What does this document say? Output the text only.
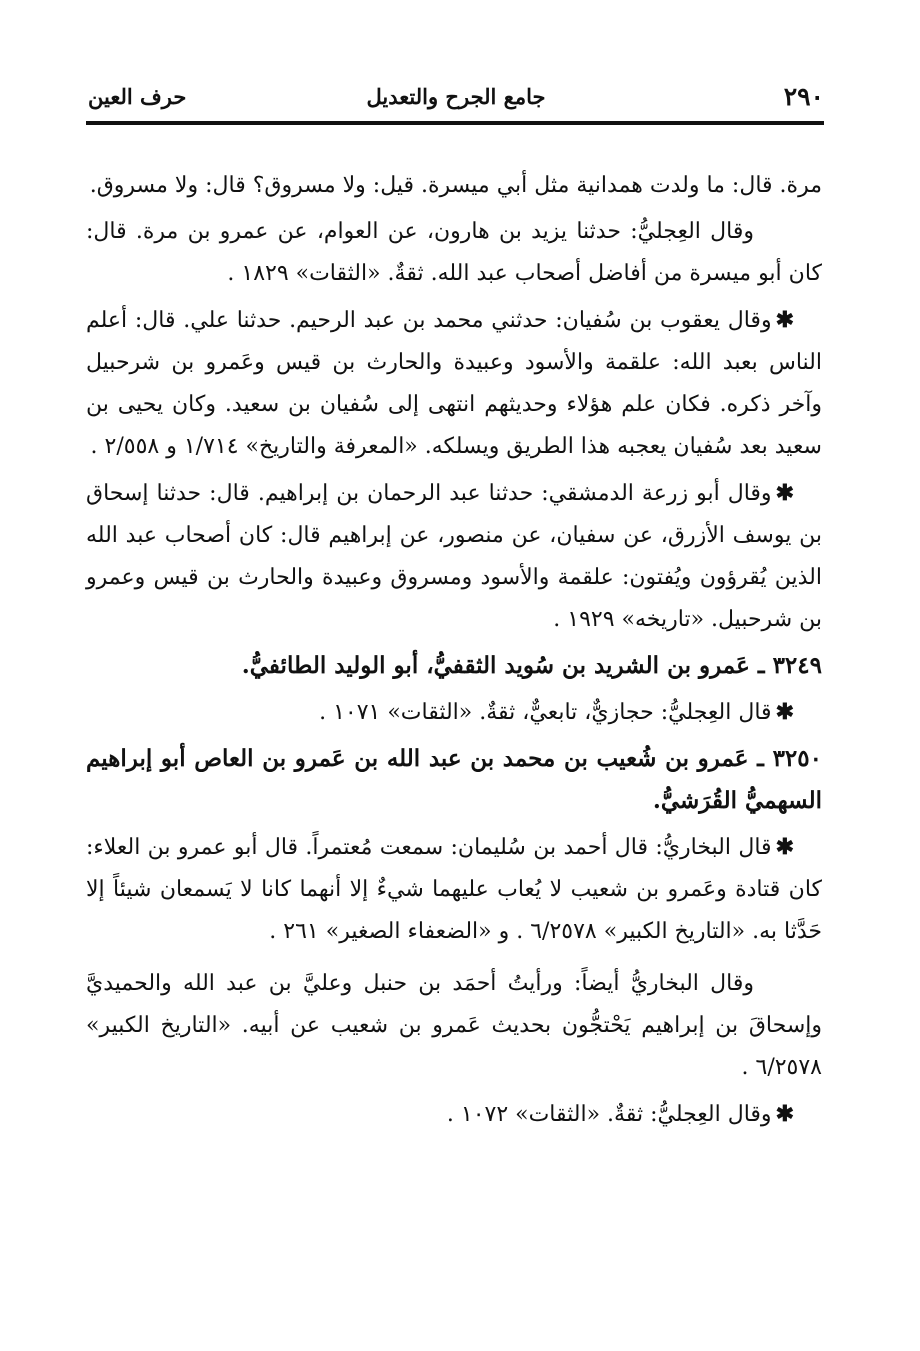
٢٩٠
جامع الجرح والتعديل
حرف العين

مرة. قال: ما ولدت همدانية مثل أبي ميسرة. قيل: ولا مسروق؟ قال: ولا مسروق.

وقال العِجليُّ: حدثنا يزيد بن هارون، عن العوام، عن عمرو بن مرة. قال: كان أبو ميسرة من أفاضل أصحاب عبد الله. ثقةٌ. «الثقات» ١٨٢٩ .

✱وقال يعقوب بن سُفيان: حدثني محمد بن عبد الرحيم. حدثنا علي. قال: أعلم الناس بعبد الله: علقمة والأسود وعبيدة والحارث بن قيس وعَمرو بن شرحبيل وآخر ذكره. فكان علم هؤلاء وحديثهم انتهى إلى سُفيان بن سعيد. وكان يحيى بن سعيد بعد سُفيان يعجبه هذا الطريق ويسلكه. «المعرفة والتاريخ» ١/٧١٤ و ٢/٥٥٨ .

✱وقال أبو زرعة الدمشقي: حدثنا عبد الرحمان بن إبراهيم. قال: حدثنا إسحاق بن يوسف الأزرق، عن سفيان، عن منصور، عن إبراهيم قال: كان أصحاب عبد الله الذين يُقرؤون ويُفتون: علقمة والأسود ومسروق وعبيدة والحارث بن قيس وعمرو بن شرحبيل. «تاريخه» ١٩٢٩ .

٣٢٤٩ ـ عَمرو بن الشريد بن سُويد الثقفيُّ، أبو الوليد الطائفيُّ.

✱قال العِجليُّ: حجازيٌّ، تابعيٌّ، ثقةٌ. «الثقات» ١٠٧١ .

٣٢٥٠ ـ عَمرو بن شُعيب بن محمد بن عبد الله بن عَمرو بن العاص أبو إبراهيم السهميُّ القُرَشيُّ.

✱قال البخاريُّ: قال أحمد بن سُليمان: سمعت مُعتمراً. قال أبو عمرو بن العلاء: كان قتادة وعَمرو بن شعيب لا يُعاب عليهما شيءٌ إلا أنهما كانا لا يَسمعان شيئاً إلا حَدَّثا به. «التاريخ الكبير» ٦/٢٥٧٨ . و «الضعفاء الصغير» ٢٦١ .

وقال البخاريُّ أيضاً: ورأيتُ أحمَد بن حنبل وعليَّ بن عبد الله والحميديَّ وإسحاقَ بن إبراهيم يَحْتجُّون بحديث عَمرو بن شعيب عن أبيه. «التاريخ الكبير» ٦/٢٥٧٨ .

✱وقال العِجليُّ: ثقةٌ. «الثقات» ١٠٧٢ .
